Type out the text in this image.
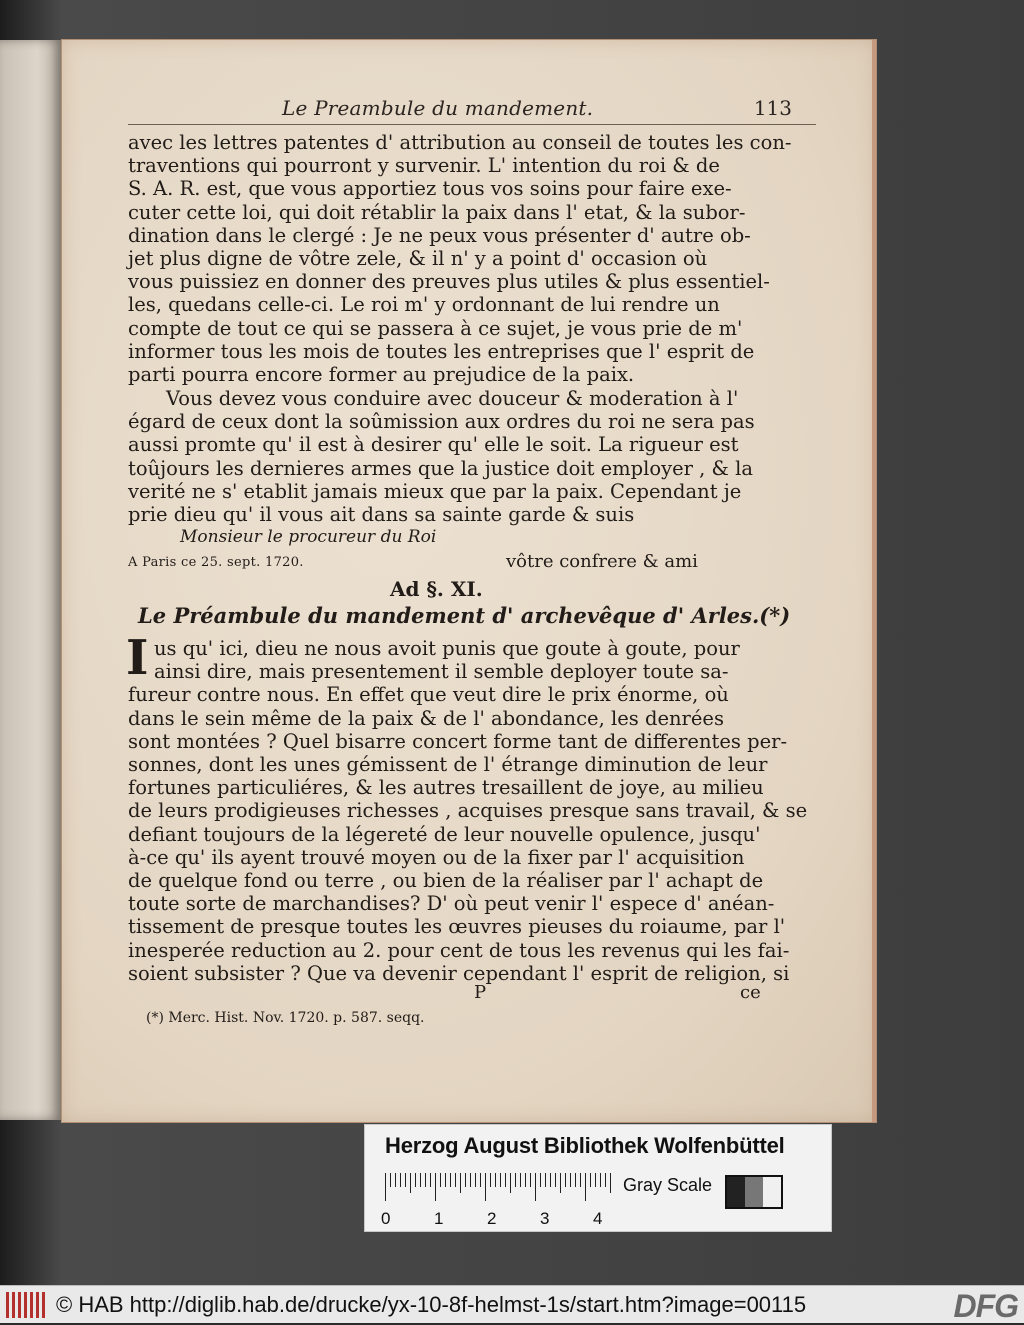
Le Preambule du mandement.	113
avec les lettres patentes d' attribution au conseil de toutes les con-
traventions qui pourront y survenir. L' intention du roi & de
S. A. R. est, que vous apportiez tous vos soins pour faire exe-
cuter cette loi, qui doit rétablir la paix dans l' etat, & la subor-
dination dans le clergé : Je ne peux vous présenter d' autre ob-
jet plus digne de vôtre zele, & il n' y a point d' occasion où
vous puissiez en donner des preuves plus utiles & plus essentiel-
les, quedans celle-ci. Le roi m' y ordonnant de lui rendre un
compte de tout ce qui se passera à ce sujet, je vous prie de m'
informer tous les mois de toutes les entreprises que l' esprit de
parti pourra encore former au prejudice de la paix.
Vous devez vous conduire avec douceur & moderation à l'
égard de ceux dont la soûmission aux ordres du roi ne sera pas
aussi promte qu' il est à desirer qu' elle le soit. La rigueur est
toûjours les dernieres armes que la justice doit employer , & la
verité ne s' etablit jamais mieux que par la paix. Cependant je
prie dieu qu' il vous ait dans sa sainte garde & suis
Monsieur le procureur du Roi
A Paris ce 25. sept. 1720.	vôtre confrere & ami
Ad §. XI.
Le Préambule du mandement d' archevêque d' Arles.(*)
I us qu' ici, dieu ne nous avoit punis que goute à goute, pour
ainsi dire, mais presentement il semble deployer toute sa-
fureur contre nous. En effet que veut dire le prix énorme, où
dans le sein même de la paix & de l' abondance, les denrées
sont montées ? Quel bisarre concert forme tant de differentes per-
sonnes, dont les unes gémissent de l' étrange diminution de leur
fortunes particuliéres, & les autres tresaillent de joye, au milieu
de leurs prodigieuses richesses , acquises presque sans travail, & se
defiant toujours de la légereté de leur nouvelle opulence, jusqu'
à-ce qu' ils ayent trouvé moyen ou de la fixer par l' acquisition
de quelque fond ou terre , ou bien de la réaliser par l' achapt de
toute sorte de marchandises? D' où peut venir l' espece d' anéan-
tissement de presque toutes les œuvres pieuses du roiaume, par l'
inesperée reduction au 2. pour cent de tous les revenus qui les fai-
soient subsister ? Que va devenir cependant l' esprit de religion, si
P	ce
(*) Merc. Hist. Nov. 1720. p. 587. seqq.
Herzog August Bibliothek Wolfenbüttel
0	1	2	3	4
Gray Scale
© HAB http://diglib.hab.de/drucke/yx-10-8f-helmst-1s/start.htm?image=00115	DFG
